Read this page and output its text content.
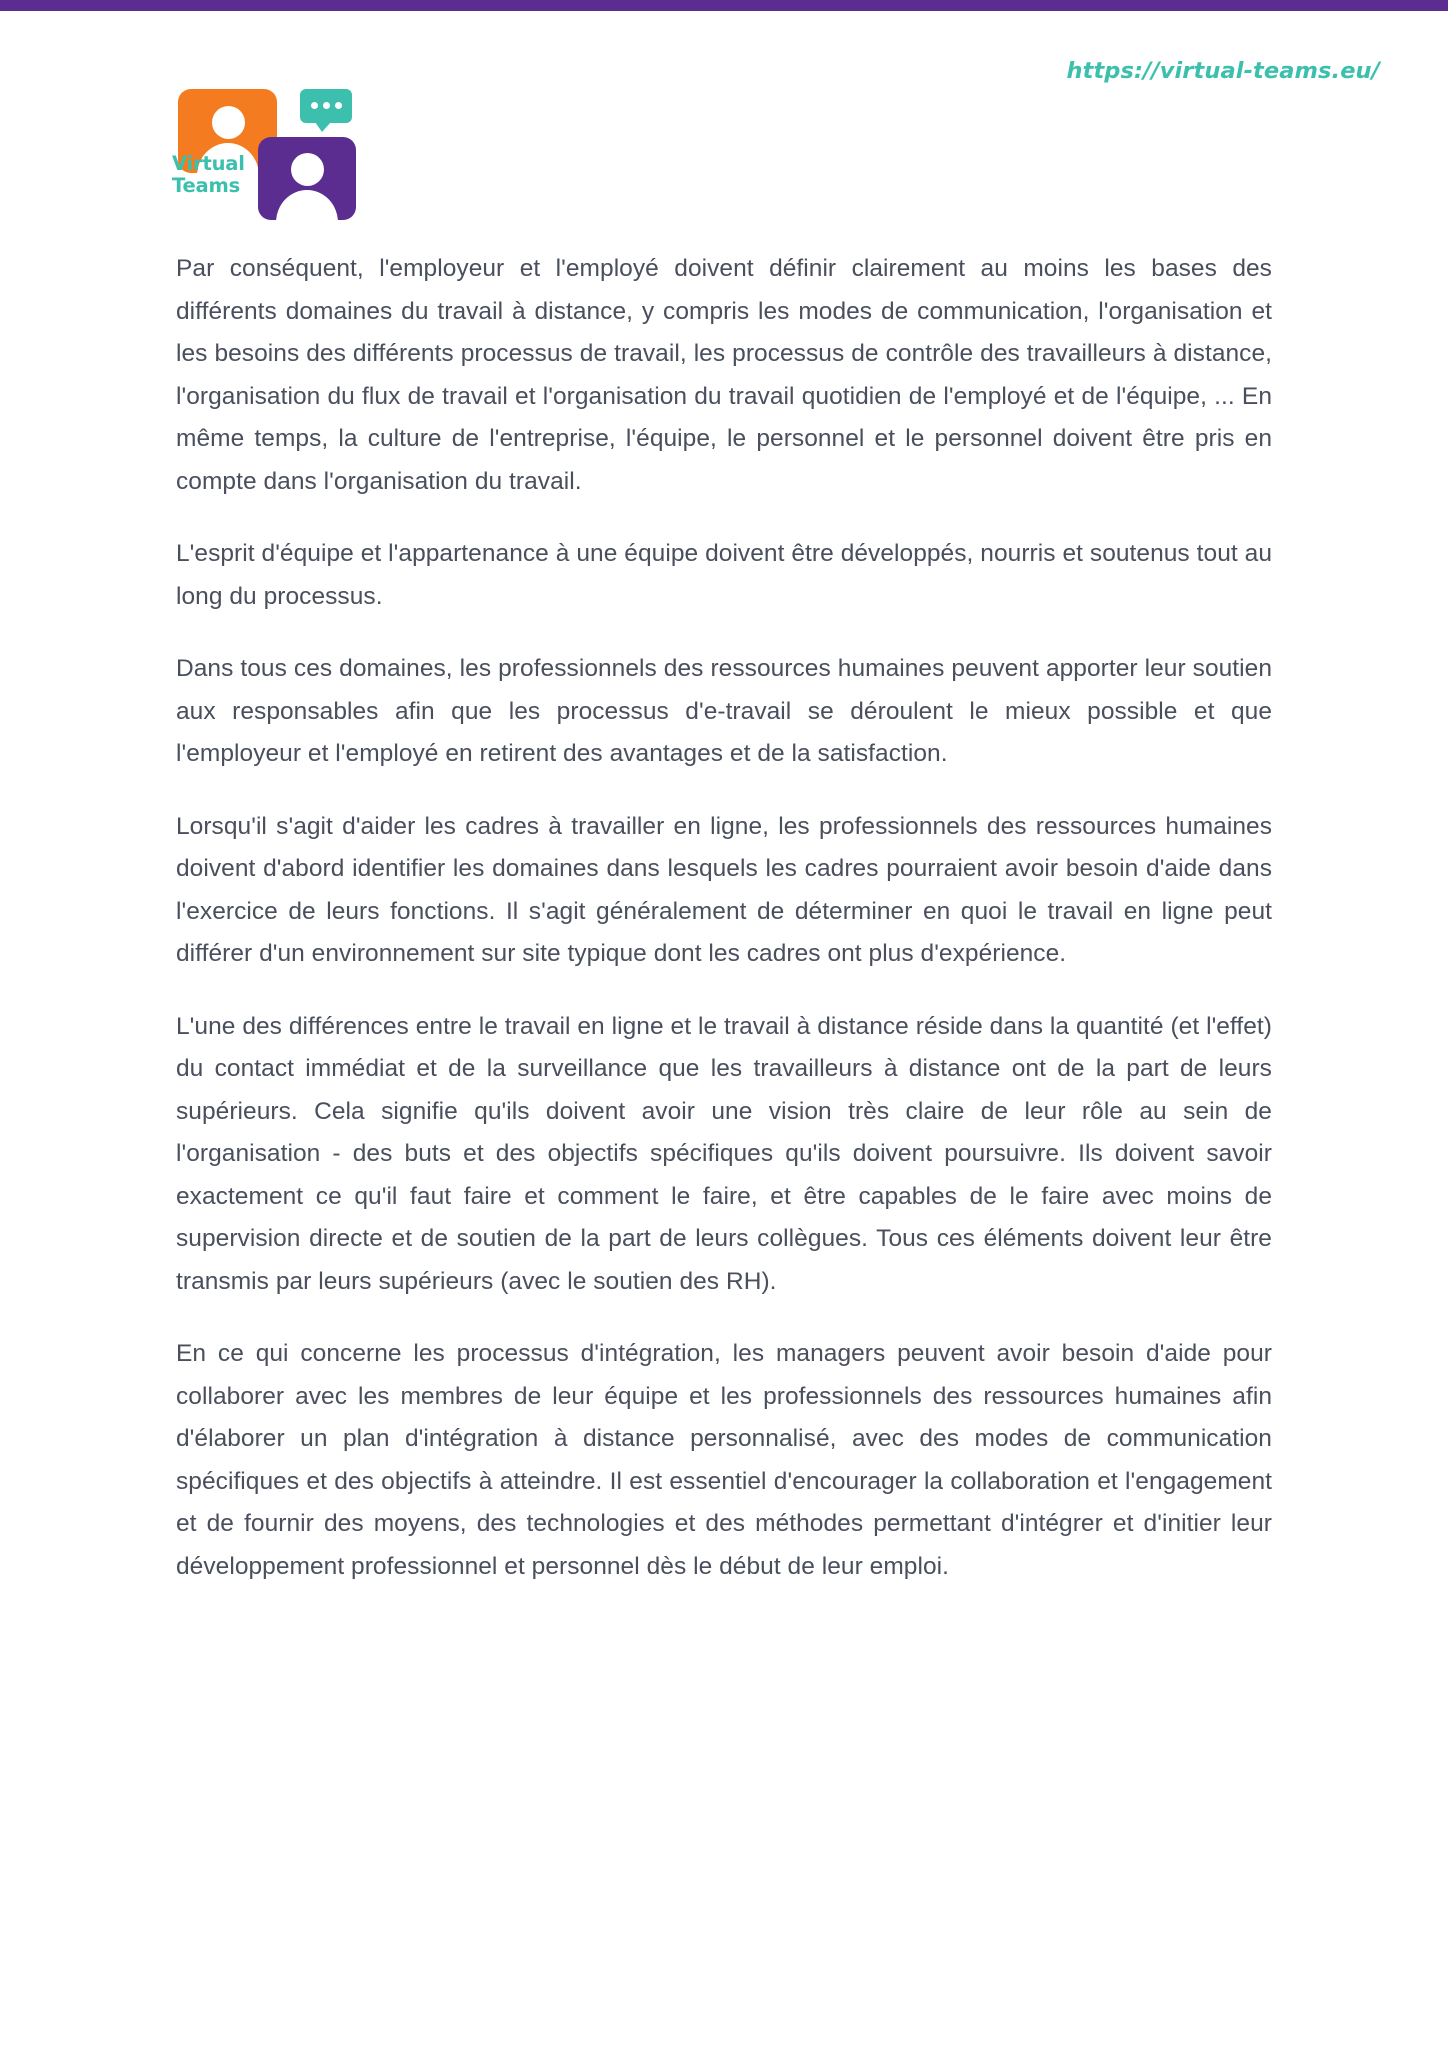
Virtual
Teams
https://virtual-teams.eu/

Par conséquent, l'employeur et l'employé doivent définir clairement au moins les bases des différents domaines du travail à distance, y compris les modes de communication, l'organisation et les besoins des différents processus de travail, les processus de contrôle des travailleurs à distance, l'organisation du flux de travail et l'organisation du travail quotidien de l'employé et de l'équipe, ... En même temps, la culture de l'entreprise, l'équipe, le personnel et le personnel doivent être pris en compte dans l'organisation du travail.

L'esprit d'équipe et l'appartenance à une équipe doivent être développés, nourris et soutenus tout au long du processus.

Dans tous ces domaines, les professionnels des ressources humaines peuvent apporter leur soutien aux responsables afin que les processus d'e-travail se déroulent le mieux possible et que l'employeur et l'employé en retirent des avantages et de la satisfaction.

Lorsqu'il s'agit d'aider les cadres à travailler en ligne, les professionnels des ressources humaines doivent d'abord identifier les domaines dans lesquels les cadres pourraient avoir besoin d'aide dans l'exercice de leurs fonctions. Il s'agit généralement de déterminer en quoi le travail en ligne peut différer d'un environnement sur site typique dont les cadres ont plus d'expérience.

L'une des différences entre le travail en ligne et le travail à distance réside dans la quantité (et l'effet) du contact immédiat et de la surveillance que les travailleurs à distance ont de la part de leurs supérieurs. Cela signifie qu'ils doivent avoir une vision très claire de leur rôle au sein de l'organisation - des buts et des objectifs spécifiques qu'ils doivent poursuivre. Ils doivent savoir exactement ce qu'il faut faire et comment le faire, et être capables de le faire avec moins de supervision directe et de soutien de la part de leurs collègues. Tous ces éléments doivent leur être transmis par leurs supérieurs (avec le soutien des RH).

En ce qui concerne les processus d'intégration, les managers peuvent avoir besoin d'aide pour collaborer avec les membres de leur équipe et les professionnels des ressources humaines afin d'élaborer un plan d'intégration à distance personnalisé, avec des modes de communication spécifiques et des objectifs à atteindre. Il est essentiel d'encourager la collaboration et l'engagement et de fournir des moyens, des technologies et des méthodes permettant d'intégrer et d'initier leur développement professionnel et personnel dès le début de leur emploi.
